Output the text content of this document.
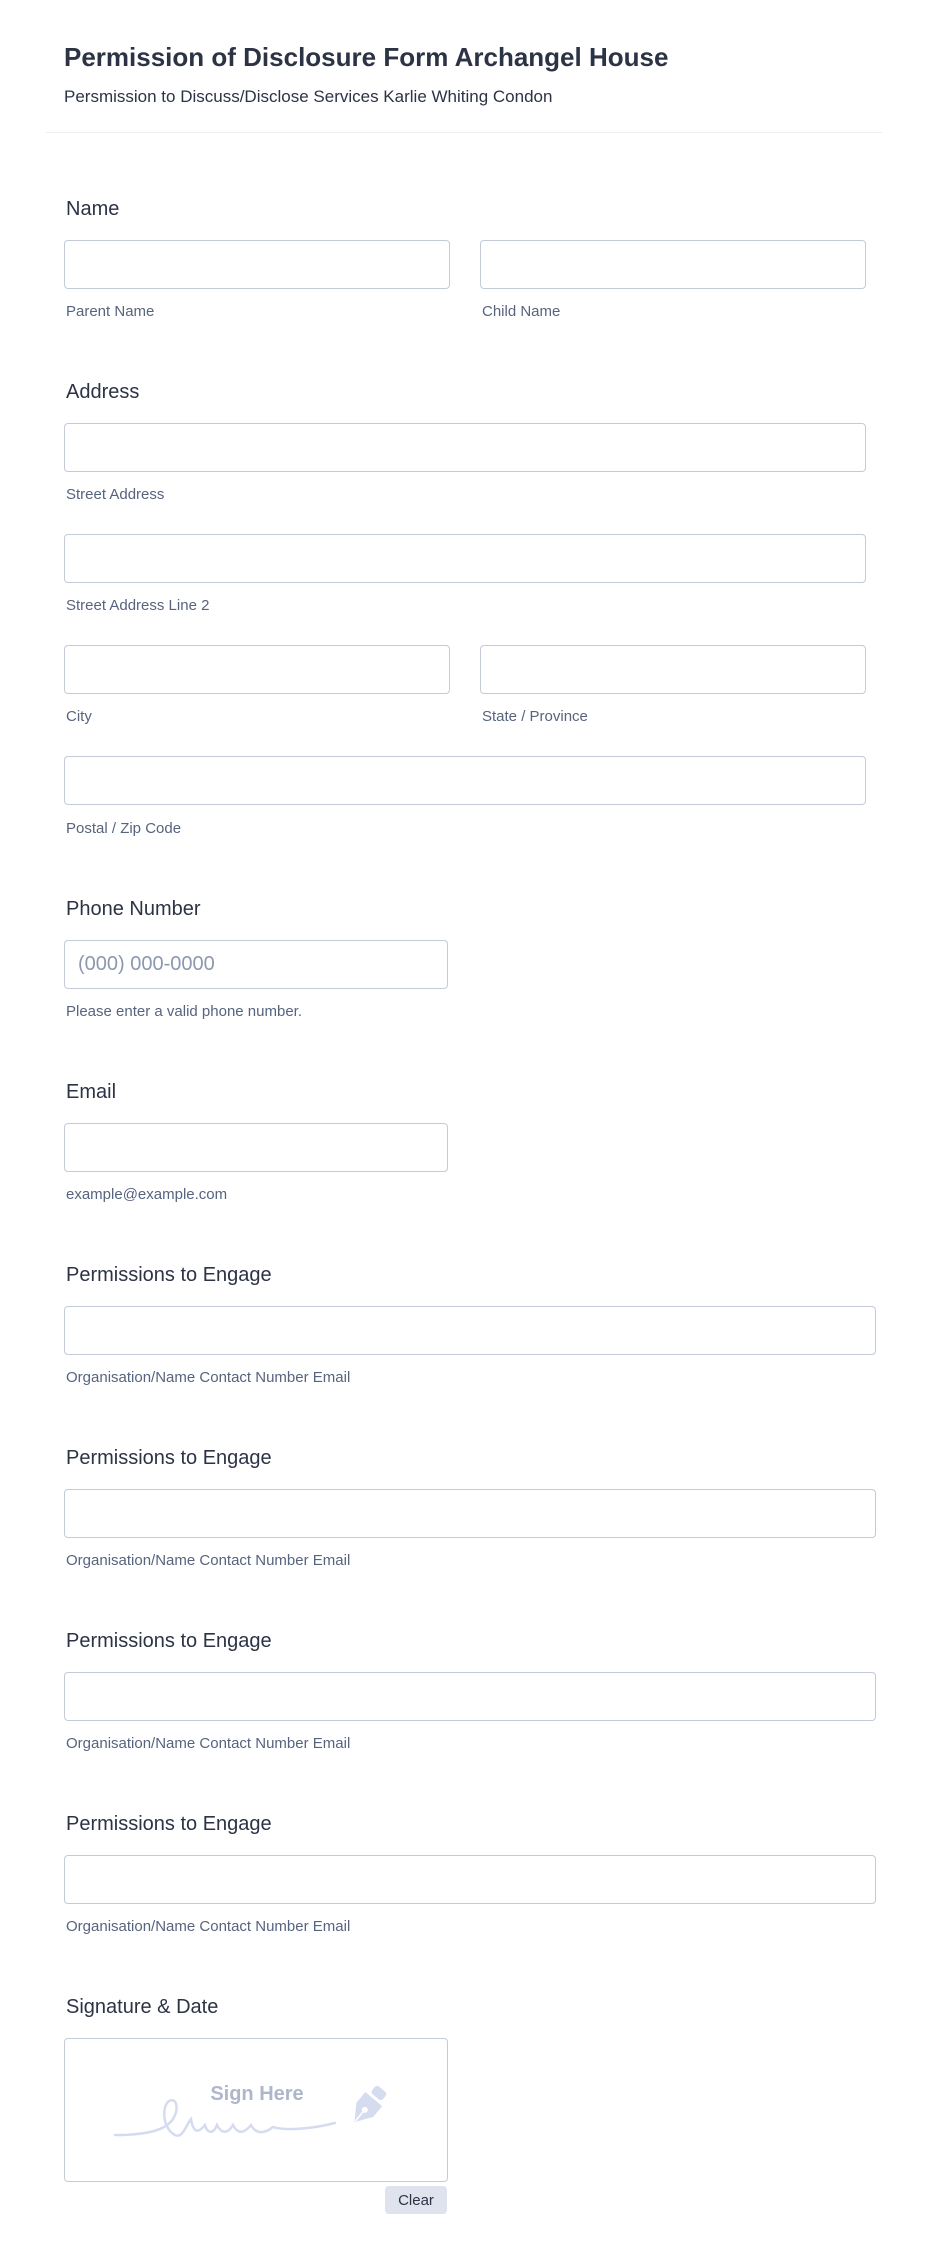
Permission of Disclosure Form Archangel House
Persmission to Discuss/Disclose Services Karlie Whiting Condon
Name
Parent Name	Child Name
Address
Street Address
Street Address Line 2
City	State / Province
Postal / Zip Code
Phone Number
(000) 000-0000
Please enter a valid phone number.
Email
example@example.com
Permissions to Engage
Organisation/Name Contact Number Email
Permissions to Engage
Organisation/Name Contact Number Email
Permissions to Engage
Organisation/Name Contact Number Email
Permissions to Engage
Organisation/Name Contact Number Email
Signature & Date
Sign Here
Clear
